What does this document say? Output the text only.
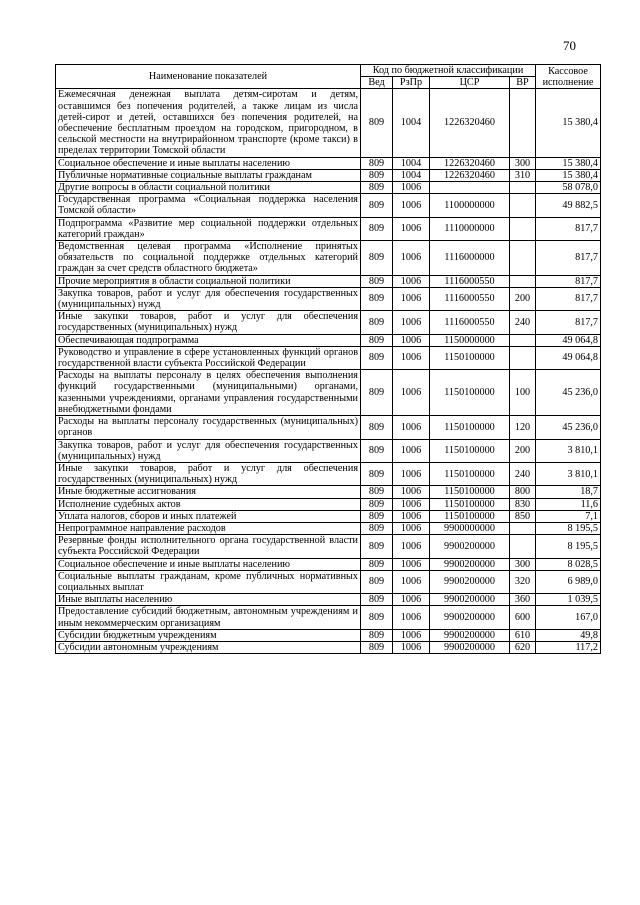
70
Наименование показателей	Код по бюджетной классификации				Кассовое исполнение
	Вед	РзПр	ЦСР	ВР	
Ежемесячная денежная выплата детям-сиротам и детям, оставшимся без попечения родителей, а также лицам из числа детей-сирот и детей, оставшихся без попечения родителей, на обеспечение бесплатным проездом на городском, пригородном, в сельской местности на внутрирайонном транспорте (кроме такси) в пределах территории Томской области	809	1004	1226320460		15 380,4
Социальное обеспечение и иные выплаты населению	809	1004	1226320460	300	15 380,4
Публичные нормативные социальные выплаты гражданам	809	1004	1226320460	310	15 380,4
Другие вопросы в области социальной политики	809	1006			58 078,0
Государственная программа «Социальная поддержка населения Томской области»	809	1006	1100000000		49 882,5
Подпрограмма «Развитие мер социальной поддержки отдельных категорий граждан»	809	1006	1110000000		817,7
Ведомственная целевая программа «Исполнение принятых обязательств по социальной поддержке отдельных категорий граждан за счет средств областного бюджета»	809	1006	1116000000		817,7
Прочие мероприятия в области социальной политики	809	1006	1116000550		817,7
Закупка товаров, работ и услуг для обеспечения государственных (муниципальных) нужд	809	1006	1116000550	200	817,7
Иные закупки товаров, работ и услуг для обеспечения государственных (муниципальных) нужд	809	1006	1116000550	240	817,7
Обеспечивающая подпрограмма	809	1006	1150000000		49 064,8
Руководство и управление в сфере установленных функций органов государственной власти субъекта Российской Федерации	809	1006	1150100000		49 064,8
Расходы на выплаты персоналу в целях обеспечения выполнения функций государственными (муниципальными) органами, казенными учреждениями, органами управления государственными внебюджетными фондами	809	1006	1150100000	100	45 236,0
Расходы на выплаты персоналу государственных (муниципальных) органов	809	1006	1150100000	120	45 236,0
Закупка товаров, работ и услуг для обеспечения государственных (муниципальных) нужд	809	1006	1150100000	200	3 810,1
Иные закупки товаров, работ и услуг для обеспечения государственных (муниципальных) нужд	809	1006	1150100000	240	3 810,1
Иные бюджетные ассигнования	809	1006	1150100000	800	18,7
Исполнение судебных актов	809	1006	1150100000	830	11,6
Уплата налогов, сборов и иных платежей	809	1006	1150100000	850	7,1
Непрограммное направление расходов	809	1006	9900000000		8 195,5
Резервные фонды исполнительного органа государственной власти субъекта Российской Федерации	809	1006	9900200000		8 195,5
Социальное обеспечение и иные выплаты населению	809	1006	9900200000	300	8 028,5
Социальные выплаты гражданам, кроме публичных нормативных социальных выплат	809	1006	9900200000	320	6 989,0
Иные выплаты населению	809	1006	9900200000	360	1 039,5
Предоставление субсидий бюджетным, автономным учреждениям и иным некоммерческим организациям	809	1006	9900200000	600	167,0
Субсидии бюджетным учреждениям	809	1006	9900200000	610	49,8
Субсидии автономным учреждениям	809	1006	9900200000	620	117,2
